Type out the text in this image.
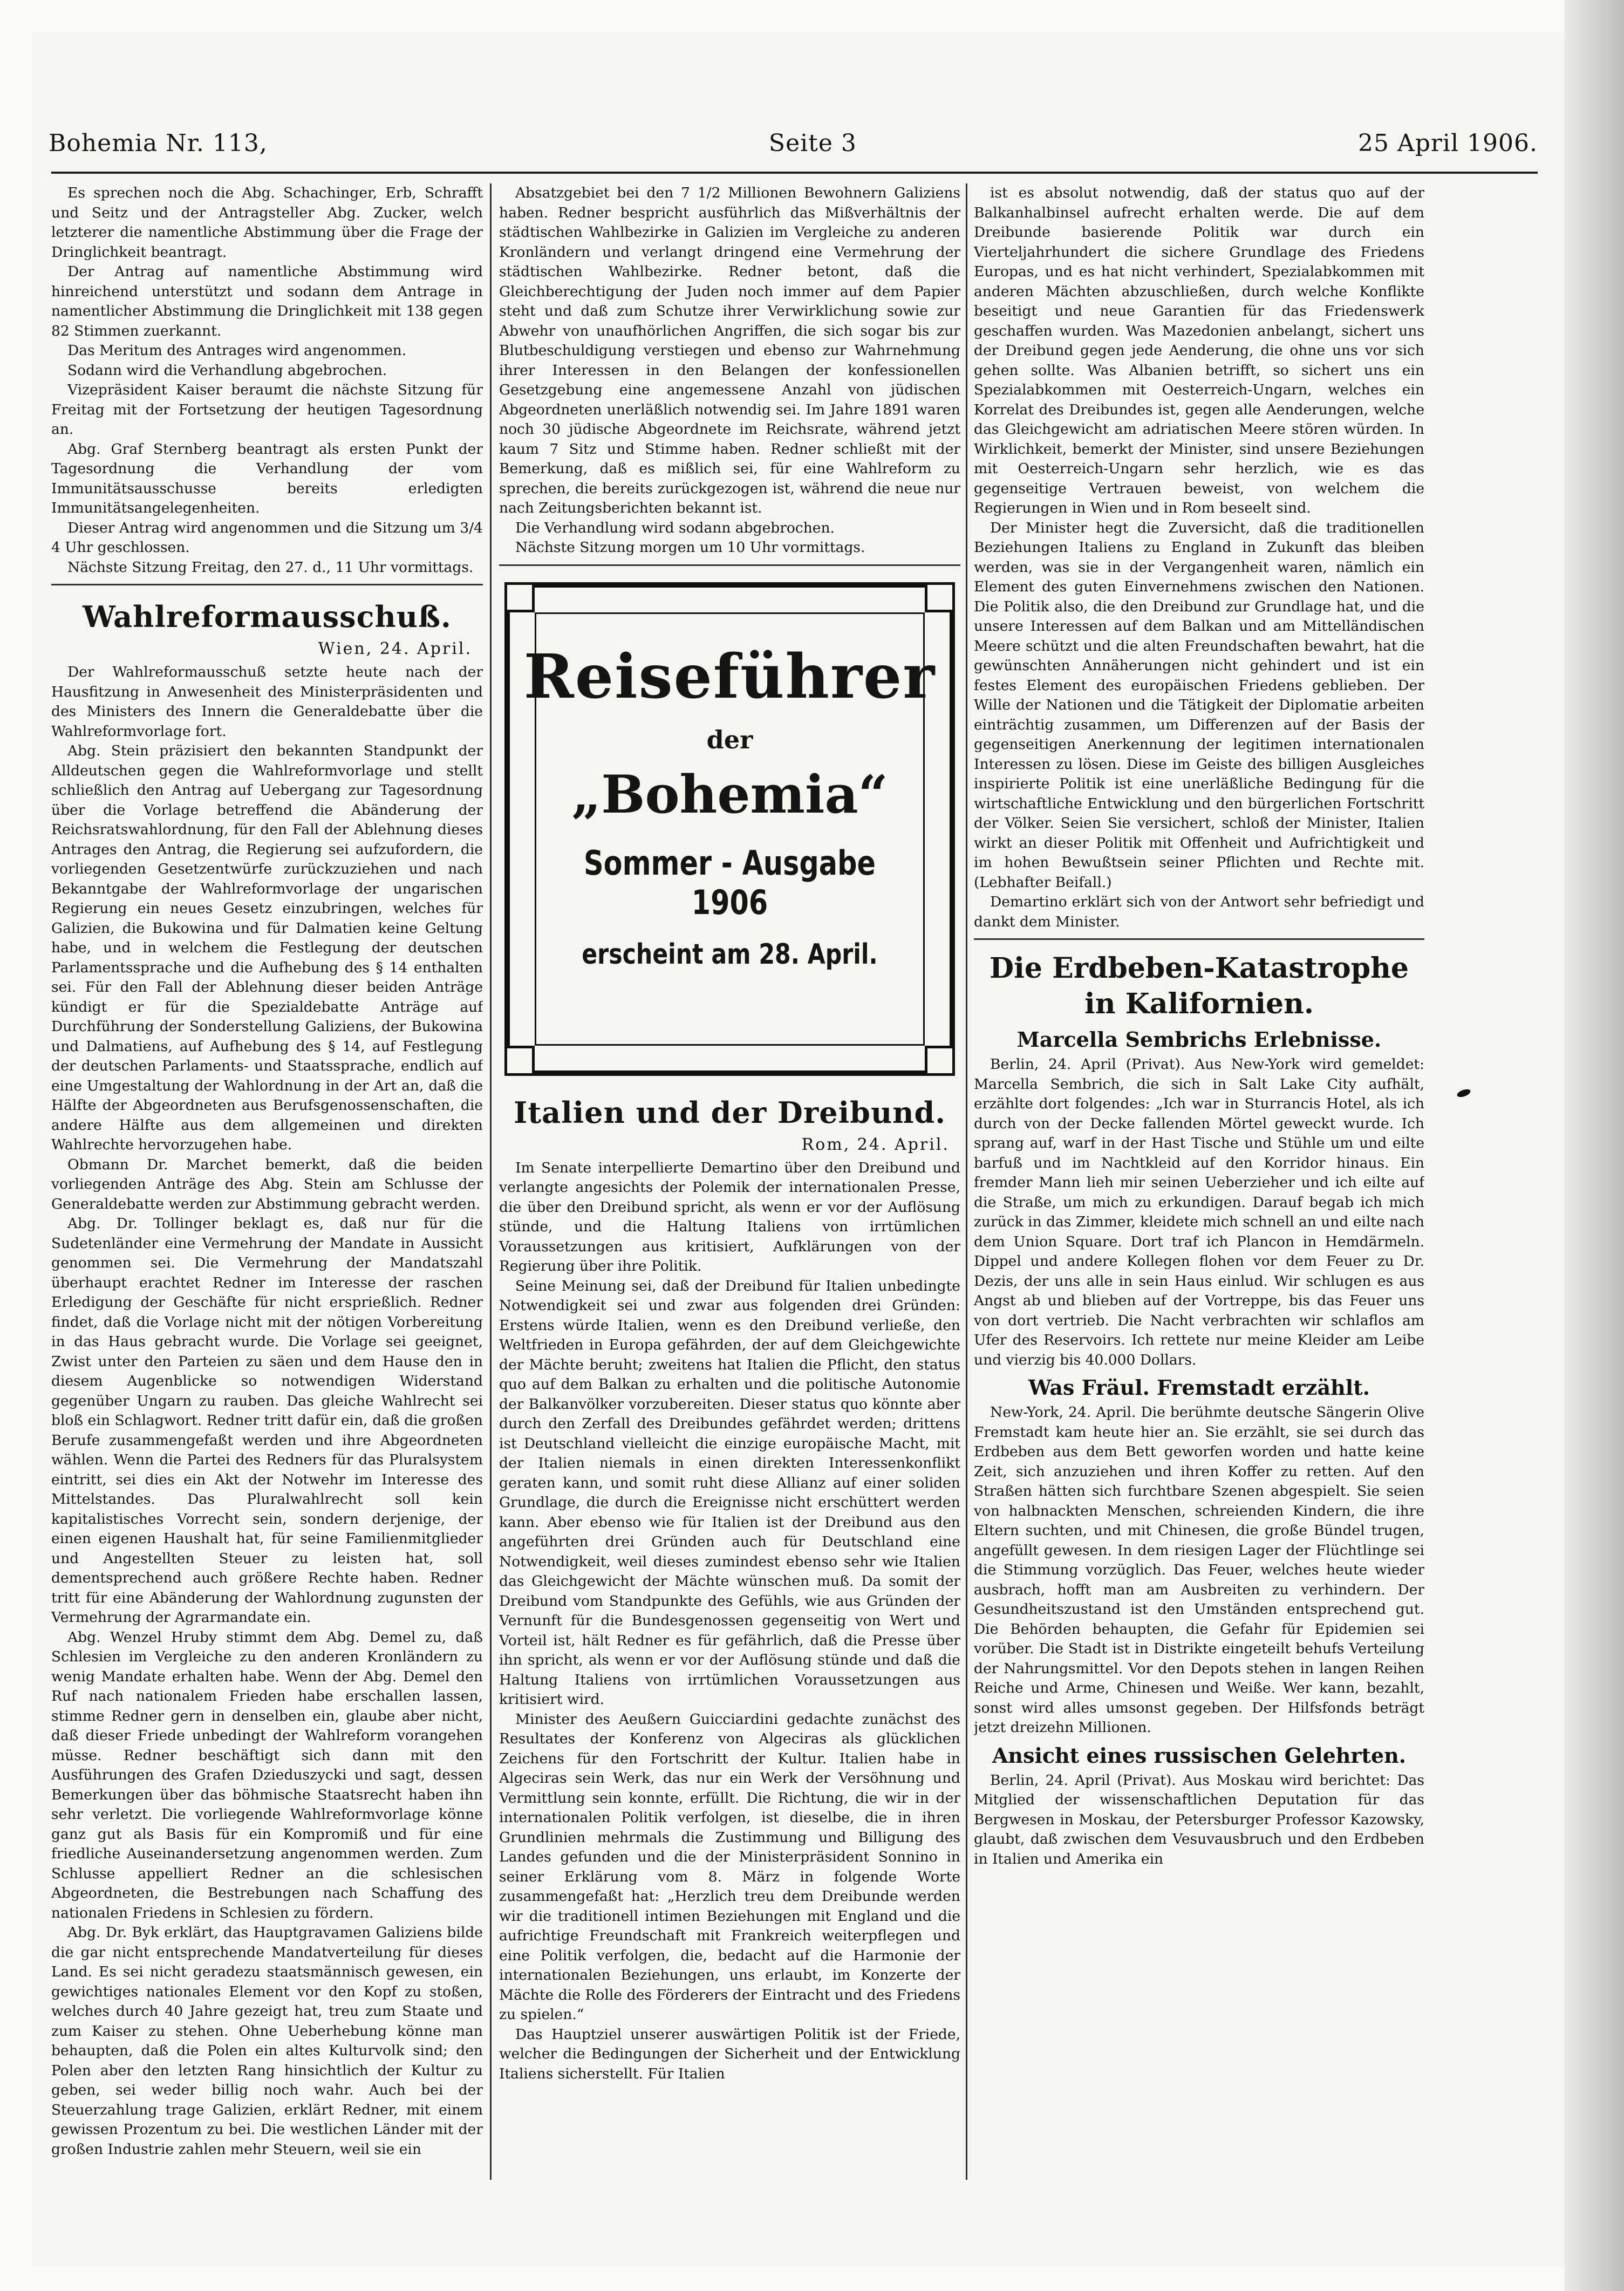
Bohemia Nr. 113,	Seite 3	25 April 1906.

Es sprechen noch die Abg. Schachinger, Erb, Schrafft und Seitz und der Antragsteller Abg. Zucker, welch letzterer die namentliche Abstimmung über die Frage der Dringlichkeit beantragt.

Der Antrag auf namentliche Abstimmung wird hinreichend unterstützt und sodann dem Antrage in namentlicher Abstimmung die Dringlichkeit mit 138 gegen 82 Stimmen zuerkannt.

Das Meritum des Antrages wird angenommen.

Sodann wird die Verhandlung abgebrochen.

Vizepräsident Kaiser beraumt die nächste Sitzung für Freitag mit der Fortsetzung der heutigen Tagesordnung an.

Abg. Graf Sternberg beantragt als ersten Punkt der Tagesordnung die Verhandlung der vom Immunitätsausschusse bereits erledigten Immunitätsangelegenheiten.

Dieser Antrag wird angenommen und die Sitzung um 3/4 4 Uhr geschlossen.

Nächste Sitzung Freitag, den 27. d., 11 Uhr vormittags.

Wahlreformausschuß.
Wien, 24. April.

Der Wahlreformausschuß setzte heute nach der Hausfitzung in Anwesenheit des Ministerpräsidenten und des Ministers des Innern die Generaldebatte über die Wahlreformvorlage fort.

Abg. Stein präzisiert den bekannten Standpunkt der Alldeutschen gegen die Wahlreformvorlage und stellt schließlich den Antrag auf Uebergang zur Tagesordnung über die Vorlage betreffend die Abänderung der Reichsratswahlordnung, für den Fall der Ablehnung dieses Antrages den Antrag, die Regierung sei aufzufordern, die vorliegenden Gesetzentwürfe zurückzuziehen und nach Bekanntgabe der Wahlreformvorlage der ungarischen Regierung ein neues Gesetz einzubringen, welches für Galizien, die Bukowina und für Dalmatien keine Geltung habe, und in welchem die Festlegung der deutschen Parlamentssprache und die Aufhebung des § 14 enthalten sei. Für den Fall der Ablehnung dieser beiden Anträge kündigt er für die Spezialdebatte Anträge auf Durchführung der Sonderstellung Galiziens, der Bukowina und Dalmatiens, auf Aufhebung des § 14, auf Festlegung der deutschen Parlaments- und Staatssprache, endlich auf eine Umgestaltung der Wahlordnung in der Art an, daß die Hälfte der Abgeordneten aus Berufsgenossenschaften, die andere Hälfte aus dem allgemeinen und direkten Wahlrechte hervorzugehen habe.

Obmann Dr. Marchet bemerkt, daß die beiden vorliegenden Anträge des Abg. Stein am Schlusse der Generaldebatte werden zur Abstimmung gebracht werden.

Abg. Dr. Tollinger beklagt es, daß nur für die Sudetenländer eine Vermehrung der Mandate in Aussicht genommen sei. Die Vermehrung der Mandatszahl überhaupt erachtet Redner im Interesse der raschen Erledigung der Geschäfte für nicht ersprießlich. Redner findet, daß die Vorlage nicht mit der nötigen Vorbereitung in das Haus gebracht wurde. Die Vorlage sei geeignet, Zwist unter den Parteien zu säen und dem Hause den in diesem Augenblicke so notwendigen Widerstand gegenüber Ungarn zu rauben. Das gleiche Wahlrecht sei bloß ein Schlagwort. Redner tritt dafür ein, daß die großen Berufe zusammengefaßt werden und ihre Abgeordneten wählen. Wenn die Partei des Redners für das Pluralsystem eintritt, sei dies ein Akt der Notwehr im Interesse des Mittelstandes. Das Pluralwahlrecht soll kein kapitalistisches Vorrecht sein, sondern derjenige, der einen eigenen Haushalt hat, für seine Familienmitglieder und Angestellten Steuer zu leisten hat, soll dementsprechend auch größere Rechte haben. Redner tritt für eine Abänderung der Wahlordnung zugunsten der Vermehrung der Agrarmandate ein.

Abg. Wenzel Hruby stimmt dem Abg. Demel zu, daß Schlesien im Vergleiche zu den anderen Kronländern zu wenig Mandate erhalten habe. Wenn der Abg. Demel den Ruf nach nationalem Frieden habe erschallen lassen, stimme Redner gern in denselben ein, glaube aber nicht, daß dieser Friede unbedingt der Wahlreform vorangehen müsse. Redner beschäftigt sich dann mit den Ausführungen des Grafen Dzieduszycki und sagt, dessen Bemerkungen über das böhmische Staatsrecht haben ihn sehr verletzt. Die vorliegende Wahlreformvorlage könne ganz gut als Basis für ein Kompromiß und für eine friedliche Auseinandersetzung angenommen werden. Zum Schlusse appelliert Redner an die schlesischen Abgeordneten, die Bestrebungen nach Schaffung des nationalen Friedens in Schlesien zu fördern.

Abg. Dr. Byk erklärt, das Hauptgravamen Galiziens bilde die gar nicht entsprechende Mandatverteilung für dieses Land. Es sei nicht geradezu staatsmännisch gewesen, ein gewichtiges nationales Element vor den Kopf zu stoßen, welches durch 40 Jahre gezeigt hat, treu zum Staate und zum Kaiser zu stehen. Ohne Ueberhebung könne man behaupten, daß die Polen ein altes Kulturvolk sind; den Polen aber den letzten Rang hinsichtlich der Kultur zu geben, sei weder billig noch wahr. Auch bei der Steuerzahlung trage Galizien, erklärt Redner, mit einem gewissen Prozentum zu bei. Die westlichen Länder mit der großen Industrie zahlen mehr Steuern, weil sie ein

Absatzgebiet bei den 7 1/2 Millionen Bewohnern Galiziens haben. Redner bespricht ausführlich das Mißverhältnis der städtischen Wahlbezirke in Galizien im Vergleiche zu anderen Kronländern und verlangt dringend eine Vermehrung der städtischen Wahlbezirke. Redner betont, daß die Gleichberechtigung der Juden noch immer auf dem Papier steht und daß zum Schutze ihrer Verwirklichung sowie zur Abwehr von unaufhörlichen Angriffen, die sich sogar bis zur Blutbeschuldigung verstiegen und ebenso zur Wahrnehmung ihrer Interessen in den Belangen der konfessionellen Gesetzgebung eine angemessene Anzahl von jüdischen Abgeordneten unerläßlich notwendig sei. Im Jahre 1891 waren noch 30 jüdische Abgeordnete im Reichsrate, während jetzt kaum 7 Sitz und Stimme haben. Redner schließt mit der Bemerkung, daß es mißlich sei, für eine Wahlreform zu sprechen, die bereits zurückgezogen ist, während die neue nur nach Zeitungsberichten bekannt ist.

Die Verhandlung wird sodann abgebrochen.

Nächste Sitzung morgen um 10 Uhr vormittags.

Reiseführer
der
„Bohemia“
Sommer - Ausgabe 1906
erscheint am 28. April.
Italien und der Dreibund.
Rom, 24. April.

Im Senate interpellierte Demartino über den Dreibund und verlangte angesichts der Polemik der internationalen Presse, die über den Dreibund spricht, als wenn er vor der Auflösung stünde, und die Haltung Italiens von irrtümlichen Voraussetzungen aus kritisiert, Aufklärungen von der Regierung über ihre Politik.

Seine Meinung sei, daß der Dreibund für Italien unbedingte Notwendigkeit sei und zwar aus folgenden drei Gründen: Erstens würde Italien, wenn es den Dreibund verließe, den Weltfrieden in Europa gefährden, der auf dem Gleichgewichte der Mächte beruht; zweitens hat Italien die Pflicht, den status quo auf dem Balkan zu erhalten und die politische Autonomie der Balkanvölker vorzubereiten. Dieser status quo könnte aber durch den Zerfall des Dreibundes gefährdet werden; drittens ist Deutschland vielleicht die einzige europäische Macht, mit der Italien niemals in einen direkten Interessenkonflikt geraten kann, und somit ruht diese Allianz auf einer soliden Grundlage, die durch die Ereignisse nicht erschüttert werden kann. Aber ebenso wie für Italien ist der Dreibund aus den angeführten drei Gründen auch für Deutschland eine Notwendigkeit, weil dieses zumindest ebenso sehr wie Italien das Gleichgewicht der Mächte wünschen muß. Da somit der Dreibund vom Standpunkte des Gefühls, wie aus Gründen der Vernunft für die Bundesgenossen gegenseitig von Wert und Vorteil ist, hält Redner es für gefährlich, daß die Presse über ihn spricht, als wenn er vor der Auflösung stünde und daß die Haltung Italiens von irrtümlichen Voraussetzungen aus kritisiert wird.

Minister des Aeußern Guicciardini gedachte zunächst des Resultates der Konferenz von Algeciras als glücklichen Zeichens für den Fortschritt der Kultur. Italien habe in Algeciras sein Werk, das nur ein Werk der Versöhnung und Vermittlung sein konnte, erfüllt. Die Richtung, die wir in der internationalen Politik verfolgen, ist dieselbe, die in ihren Grundlinien mehrmals die Zustimmung und Billigung des Landes gefunden und die der Ministerpräsident Sonnino in seiner Erklärung vom 8. März in folgende Worte zusammengefaßt hat: „Herzlich treu dem Dreibunde werden wir die traditionell intimen Beziehungen mit England und die aufrichtige Freundschaft mit Frankreich weiterpflegen und eine Politik verfolgen, die, bedacht auf die Harmonie der internationalen Beziehungen, uns erlaubt, im Konzerte der Mächte die Rolle des Förderers der Eintracht und des Friedens zu spielen.“

Das Hauptziel unserer auswärtigen Politik ist der Friede, welcher die Bedingungen der Sicherheit und der Entwicklung Italiens sicherstellt. Für Italien

ist es absolut notwendig, daß der status quo auf der Balkanhalbinsel aufrecht erhalten werde. Die auf dem Dreibunde basierende Politik war durch ein Vierteljahrhundert die sichere Grundlage des Friedens Europas, und es hat nicht verhindert, Spezialabkommen mit anderen Mächten abzuschließen, durch welche Konflikte beseitigt und neue Garantien für das Friedenswerk geschaffen wurden. Was Mazedonien anbelangt, sichert uns der Dreibund gegen jede Aenderung, die ohne uns vor sich gehen sollte. Was Albanien betrifft, so sichert uns ein Spezialabkommen mit Oesterreich-Ungarn, welches ein Korrelat des Dreibundes ist, gegen alle Aenderungen, welche das Gleichgewicht am adriatischen Meere stören würden. In Wirklichkeit, bemerkt der Minister, sind unsere Beziehungen mit Oesterreich-Ungarn sehr herzlich, wie es das gegenseitige Vertrauen beweist, von welchem die Regierungen in Wien und in Rom beseelt sind.

Der Minister hegt die Zuversicht, daß die traditionellen Beziehungen Italiens zu England in Zukunft das bleiben werden, was sie in der Vergangenheit waren, nämlich ein Element des guten Einvernehmens zwischen den Nationen. Die Politik also, die den Dreibund zur Grundlage hat, und die unsere Interessen auf dem Balkan und am Mittelländischen Meere schützt und die alten Freundschaften bewahrt, hat die gewünschten Annäherungen nicht gehindert und ist ein festes Element des europäischen Friedens geblieben. Der Wille der Nationen und die Tätigkeit der Diplomatie arbeiten einträchtig zusammen, um Differenzen auf der Basis der gegenseitigen Anerkennung der legitimen internationalen Interessen zu lösen. Diese im Geiste des billigen Ausgleiches inspirierte Politik ist eine unerläßliche Bedingung für die wirtschaftliche Entwicklung und den bürgerlichen Fortschritt der Völker. Seien Sie versichert, schloß der Minister, Italien wirkt an dieser Politik mit Offenheit und Aufrichtigkeit und im hohen Bewußtsein seiner Pflichten und Rechte mit. (Lebhafter Beifall.)

Demartino erklärt sich von der Antwort sehr befriedigt und dankt dem Minister.

Die Erdbeben-Katastrophe in Kalifornien.
Marcella Sembrichs Erlebnisse.

Berlin, 24. April (Privat). Aus New-York wird gemeldet: Marcella Sembrich, die sich in Salt Lake City aufhält, erzählte dort folgendes: „Ich war in Sturrancis Hotel, als ich durch von der Decke fallenden Mörtel geweckt wurde. Ich sprang auf, warf in der Hast Tische und Stühle um und eilte barfuß und im Nachtkleid auf den Korridor hinaus. Ein fremder Mann lieh mir seinen Ueberzieher und ich eilte auf die Straße, um mich zu erkundigen. Darauf begab ich mich zurück in das Zimmer, kleidete mich schnell an und eilte nach dem Union Square. Dort traf ich Plancon in Hemdärmeln. Dippel und andere Kollegen flohen vor dem Feuer zu Dr. Dezis, der uns alle in sein Haus einlud. Wir schlugen es aus Angst ab und blieben auf der Vortreppe, bis das Feuer uns von dort vertrieb. Die Nacht verbrachten wir schlaflos am Ufer des Reservoirs. Ich rettete nur meine Kleider am Leibe und vierzig bis 40.000 Dollars.

Was Fräul. Fremstadt erzählt.

New-York, 24. April. Die berühmte deutsche Sängerin Olive Fremstadt kam heute hier an. Sie erzählt, sie sei durch das Erdbeben aus dem Bett geworfen worden und hatte keine Zeit, sich anzuziehen und ihren Koffer zu retten. Auf den Straßen hätten sich furchtbare Szenen abgespielt. Sie seien von halbnackten Menschen, schreienden Kindern, die ihre Eltern suchten, und mit Chinesen, die große Bündel trugen, angefüllt gewesen. In dem riesigen Lager der Flüchtlinge sei die Stimmung vorzüglich. Das Feuer, welches heute wieder ausbrach, hofft man am Ausbreiten zu verhindern. Der Gesundheitszustand ist den Umständen entsprechend gut. Die Behörden behaupten, die Gefahr für Epidemien sei vorüber. Die Stadt ist in Distrikte eingeteilt behufs Verteilung der Nahrungsmittel. Vor den Depots stehen in langen Reihen Reiche und Arme, Chinesen und Weiße. Wer kann, bezahlt, sonst wird alles umsonst gegeben. Der Hilfsfonds beträgt jetzt dreizehn Millionen.

Ansicht eines russischen Gelehrten.

Berlin, 24. April (Privat). Aus Moskau wird berichtet: Das Mitglied der wissenschaftlichen Deputation für das Bergwesen in Moskau, der Petersburger Professor Kazowsky, glaubt, daß zwischen dem Vesuvausbruch und den Erdbeben in Italien und Amerika ein
